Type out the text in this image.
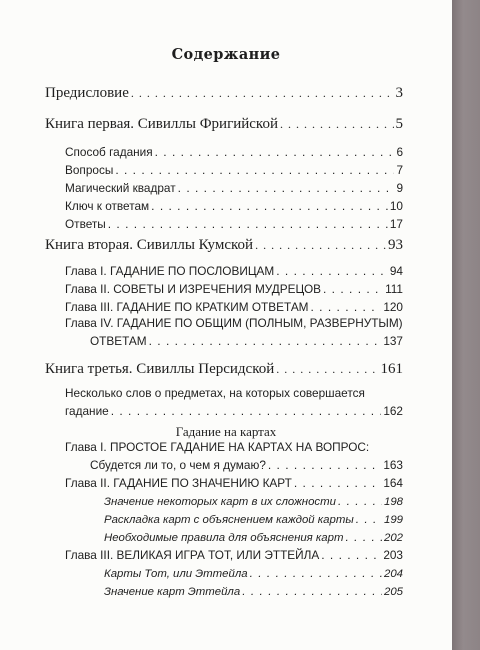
Содержание
Предисловие . . .	3
Книга первая. Сивиллы Фригийской . . .	5
Способ гадания . . .	6
Вопросы . . .	7
Магический квадрат . . .	9
Ключ к ответам . . .	10
Ответы . . .	17
Книга вторая. Сивиллы Кумской . . .	93
Глава I. ГАДАНИЕ ПО ПОСЛОВИЦАМ . . .	94
Глава II. СОВЕТЫ И ИЗРЕЧЕНИЯ МУДРЕЦОВ . . .	111
Глава III. ГАДАНИЕ ПО КРАТКИМ ОТВЕТАМ . . .	120
Глава IV. ГАДАНИЕ ПО ОБЩИМ (ПОЛНЫМ, РАЗВЕРНУТЫМ)
ОТВЕТАМ . . .	137
Книга третья. Сивиллы Персидской . . .	161
Несколько слов о предметах, на которых совершается
гадание . . .	162
Гадание на картах
Глава I. ПРОСТОЕ ГАДАНИЕ НА КАРТАХ НА ВОПРОС:
Сбудется ли то, о чем я думаю? . . .	163
Глава II. ГАДАНИЕ ПО ЗНАЧЕНИЮ КАРТ . . .	164
Значение некоторых карт в их сложности . . .	198
Раскладка карт с объяснением каждой карты . . .	199
Необходимые правила для объяснения карт . . .	202
Глава III. ВЕЛИКАЯ ИГРА ТОТ, ИЛИ ЭТТЕЙЛА . . .	203
Карты Тот, или Эттейла . . .	204
Значение карт Эттейла . . .	205
